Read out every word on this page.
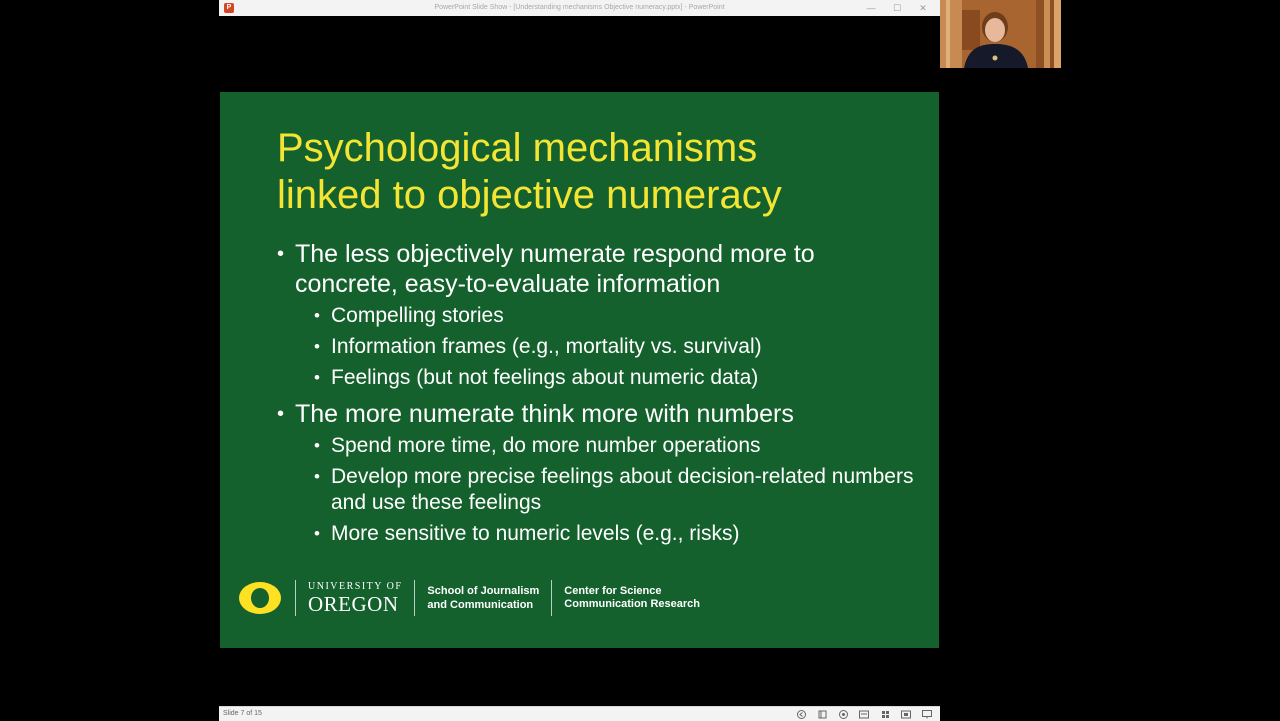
P	PowerPoint Slide Show - [Understanding mechanisms Objective numeracy.pptx] - PowerPoint	— ☐ ✕
Psychological mechanisms
linked to objective numeracy
• The less objectively numerate respond more to concrete, easy-to-evaluate information
• Compelling stories
• Information frames (e.g., mortality vs. survival)
• Feelings (but not feelings about numeric data)
• The more numerate think more with numbers
• Spend more time, do more number operations
• Develop more precise feelings about decision-related numbers and use these feelings
• More sensitive to numeric levels (e.g., risks)
UNIVERSITY OF
OREGON
School of Journalism
and Communication
Center for Science
Communication Research
Slide 7 of 15
